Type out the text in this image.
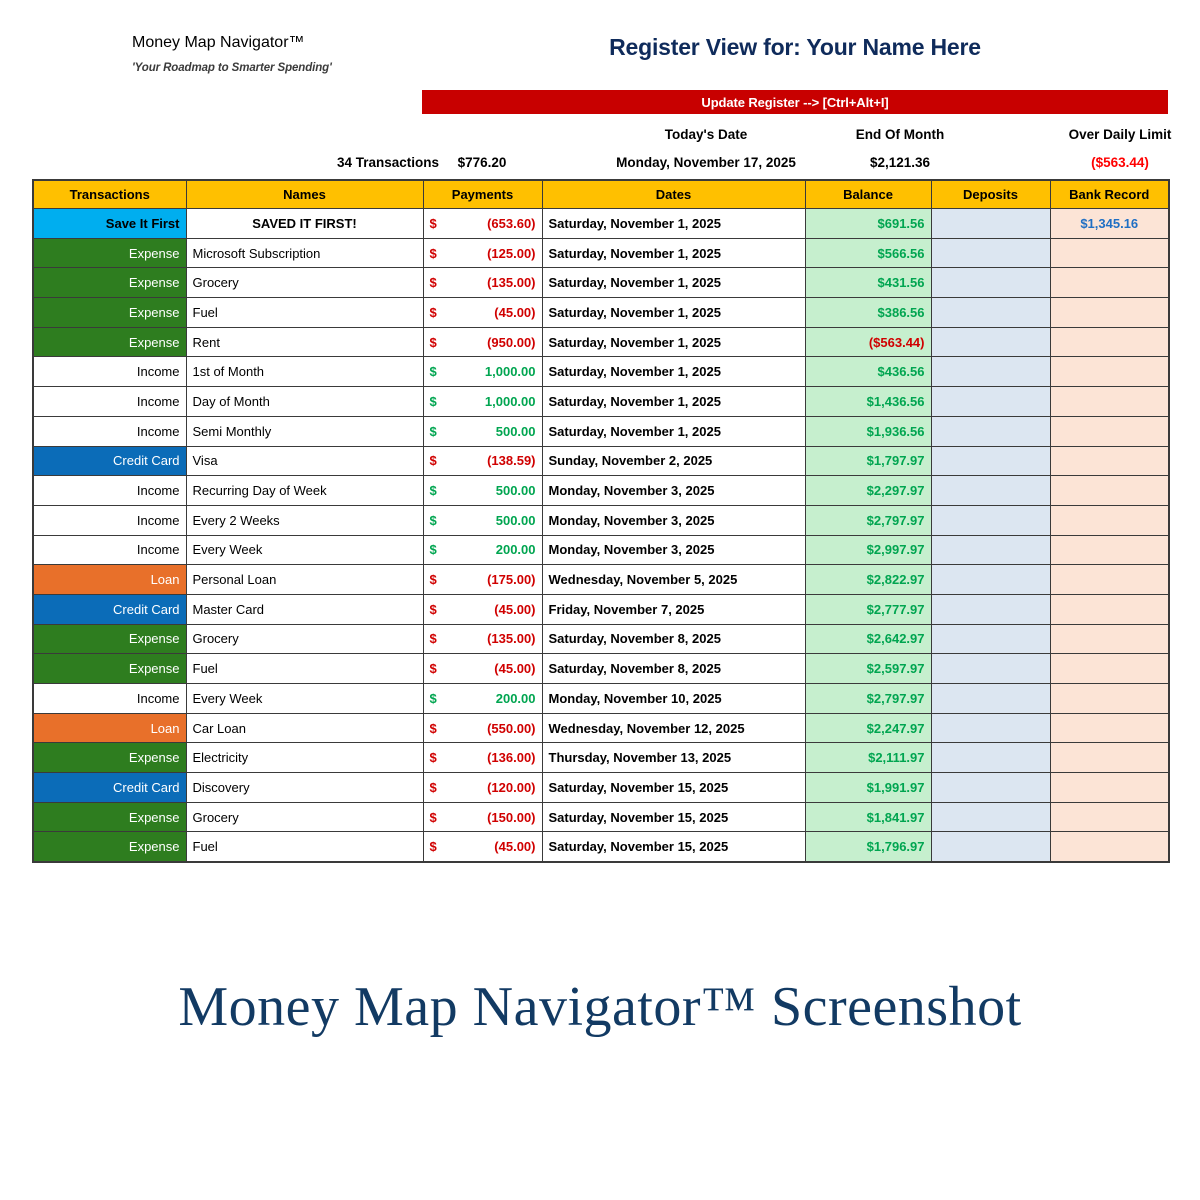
Money Map Navigator™
'Your Roadmap to Smarter Spending'
Register View for: Your Name Here
Update Register --> [Ctrl+Alt+I]
34 Transactions	$776.20
Today's Date
Monday, November 17, 2025
End Of Month
$2,121.36
Over Daily Limit
($563.44)
Transactions	Names	Payments	Dates	Balance	Deposits	Bank Record
Save It First	SAVED IT FIRST!	$ (653.60)	Saturday, November 1, 2025	$691.56		$1,345.16
Expense	Microsoft Subscription	$ (125.00)	Saturday, November 1, 2025	$566.56		
Expense	Grocery	$ (135.00)	Saturday, November 1, 2025	$431.56		
Expense	Fuel	$ (45.00)	Saturday, November 1, 2025	$386.56		
Expense	Rent	$ (950.00)	Saturday, November 1, 2025	($563.44)		
Income	1st of Month	$ 1,000.00	Saturday, November 1, 2025	$436.56		
Income	Day of Month	$ 1,000.00	Saturday, November 1, 2025	$1,436.56		
Income	Semi Monthly	$ 500.00	Saturday, November 1, 2025	$1,936.56		
Credit Card	Visa	$ (138.59)	Sunday, November 2, 2025	$1,797.97		
Income	Recurring Day of Week	$ 500.00	Monday, November 3, 2025	$2,297.97		
Income	Every 2 Weeks	$ 500.00	Monday, November 3, 2025	$2,797.97		
Income	Every Week	$ 200.00	Monday, November 3, 2025	$2,997.97		
Loan	Personal Loan	$ (175.00)	Wednesday, November 5, 2025	$2,822.97		
Credit Card	Master Card	$ (45.00)	Friday, November 7, 2025	$2,777.97		
Expense	Grocery	$ (135.00)	Saturday, November 8, 2025	$2,642.97		
Expense	Fuel	$ (45.00)	Saturday, November 8, 2025	$2,597.97		
Income	Every Week	$ 200.00	Monday, November 10, 2025	$2,797.97		
Loan	Car Loan	$ (550.00)	Wednesday, November 12, 2025	$2,247.97		
Expense	Electricity	$ (136.00)	Thursday, November 13, 2025	$2,111.97		
Credit Card	Discovery	$ (120.00)	Saturday, November 15, 2025	$1,991.97		
Expense	Grocery	$ (150.00)	Saturday, November 15, 2025	$1,841.97		
Expense	Fuel	$ (45.00)	Saturday, November 15, 2025	$1,796.97		
Money Map Navigator™ Screenshot
